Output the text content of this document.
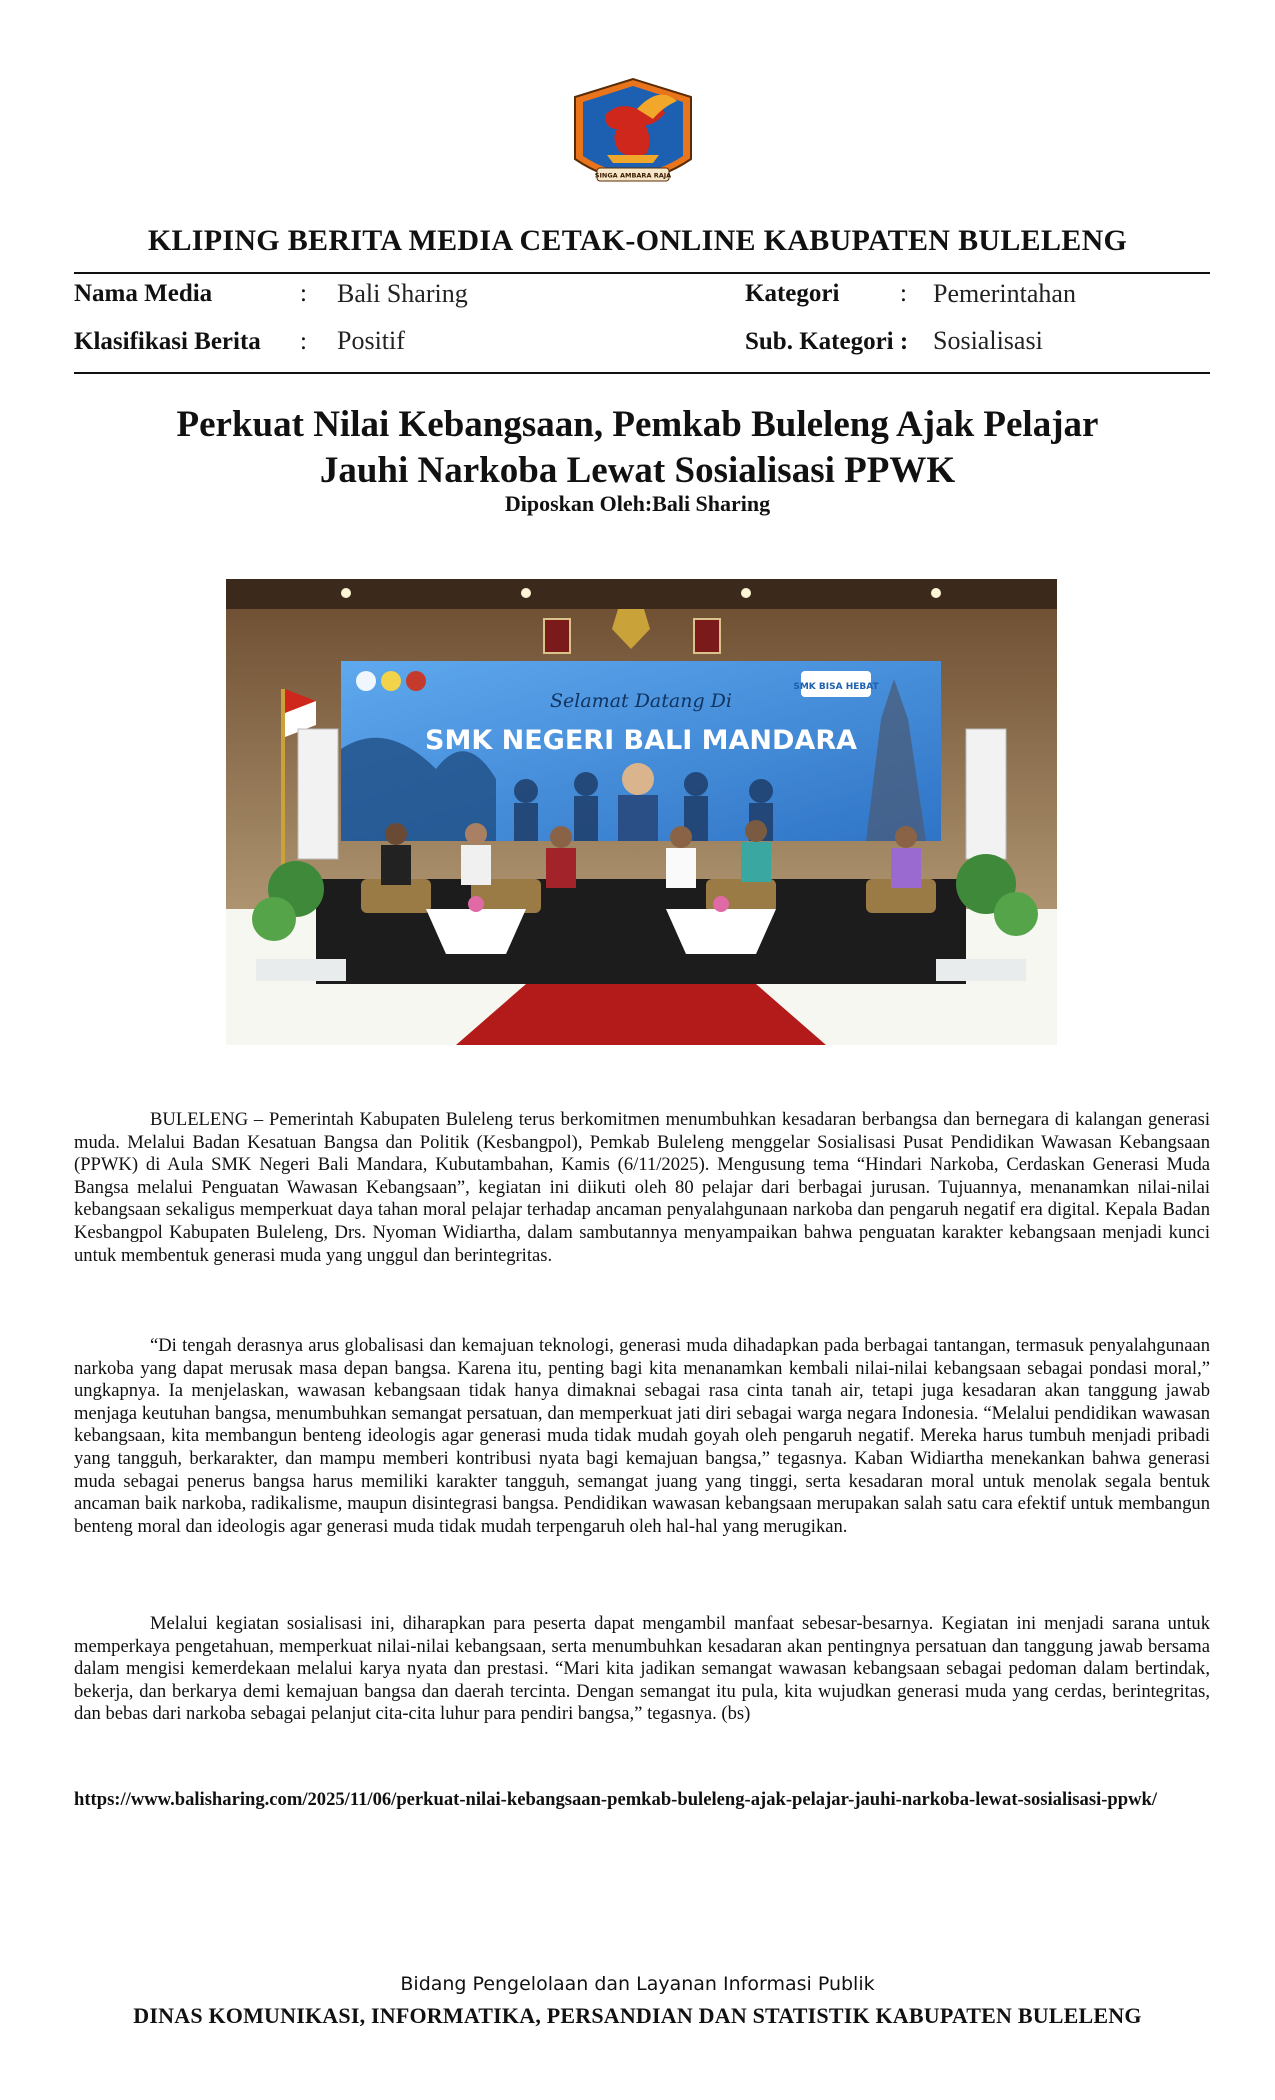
SINGA AMBARA RAJA
KLIPING BERITA MEDIA CETAK-ONLINE KABUPATEN BULELENG
Nama Media	: Bali Sharing
Klasifikasi Berita : Positif
Kategori : Pemerintahan
Sub. Kategori : Sosialisasi
Perkuat Nilai Kebangsaan, Pemkab Buleleng Ajak Pelajar
Jauhi Narkoba Lewat Sosialisasi PPWK
Diposkan Oleh:Bali Sharing
SMK BISA HEBAT
Selamat Datang Di
SMK NEGERI BALI MANDARA

BULELENG – Pemerintah Kabupaten Buleleng terus berkomitmen menumbuhkan kesadaran berbangsa dan bernegara di kalangan generasi muda. Melalui Badan Kesatuan Bangsa dan Politik (Kesbangpol), Pemkab Buleleng menggelar Sosialisasi Pusat Pendidikan Wawasan Kebangsaan (PPWK) di Aula SMK Negeri Bali Mandara, Kubutambahan, Kamis (6/11/2025). Mengusung tema “Hindari Narkoba, Cerdaskan Generasi Muda Bangsa melalui Penguatan Wawasan Kebangsaan”, kegiatan ini diikuti oleh 80 pelajar dari berbagai jurusan. Tujuannya, menanamkan nilai-nilai kebangsaan sekaligus memperkuat daya tahan moral pelajar terhadap ancaman penyalahgunaan narkoba dan pengaruh negatif era digital. Kepala Badan Kesbangpol Kabupaten Buleleng, Drs. Nyoman Widiartha, dalam sambutannya menyampaikan bahwa penguatan karakter kebangsaan menjadi kunci untuk membentuk generasi muda yang unggul dan berintegritas.

“Di tengah derasnya arus globalisasi dan kemajuan teknologi, generasi muda dihadapkan pada berbagai tantangan, termasuk penyalahgunaan narkoba yang dapat merusak masa depan bangsa. Karena itu, penting bagi kita menanamkan kembali nilai-nilai kebangsaan sebagai pondasi moral,” ungkapnya. Ia menjelaskan, wawasan kebangsaan tidak hanya dimaknai sebagai rasa cinta tanah air, tetapi juga kesadaran akan tanggung jawab menjaga keutuhan bangsa, menumbuhkan semangat persatuan, dan memperkuat jati diri sebagai warga negara Indonesia. “Melalui pendidikan wawasan kebangsaan, kita membangun benteng ideologis agar generasi muda tidak mudah goyah oleh pengaruh negatif. Mereka harus tumbuh menjadi pribadi yang tangguh, berkarakter, dan mampu memberi kontribusi nyata bagi kemajuan bangsa,” tegasnya. Kaban Widiartha menekankan bahwa generasi muda sebagai penerus bangsa harus memiliki karakter tangguh, semangat juang yang tinggi, serta kesadaran moral untuk menolak segala bentuk ancaman baik narkoba, radikalisme, maupun disintegrasi bangsa. Pendidikan wawasan kebangsaan merupakan salah satu cara efektif untuk membangun benteng moral dan ideologis agar generasi muda tidak mudah terpengaruh oleh hal-hal yang merugikan.

Melalui kegiatan sosialisasi ini, diharapkan para peserta dapat mengambil manfaat sebesar-besarnya. Kegiatan ini menjadi sarana untuk memperkaya pengetahuan, memperkuat nilai-nilai kebangsaan, serta menumbuhkan kesadaran akan pentingnya persatuan dan tanggung jawab bersama dalam mengisi kemerdekaan melalui karya nyata dan prestasi. “Mari kita jadikan semangat wawasan kebangsaan sebagai pedoman dalam bertindak, bekerja, dan berkarya demi kemajuan bangsa dan daerah tercinta. Dengan semangat itu pula, kita wujudkan generasi muda yang cerdas, berintegritas, dan bebas dari narkoba sebagai pelanjut cita-cita luhur para pendiri bangsa,” tegasnya. (bs)

https://www.balisharing.com/2025/11/06/perkuat-nilai-kebangsaan-pemkab-buleleng-ajak-pelajar-jauhi-narkoba-lewat-sosialisasi-ppwk/
Bidang Pengelolaan dan Layanan Informasi Publik
DINAS KOMUNIKASI, INFORMATIKA, PERSANDIAN DAN STATISTIK KABUPATEN BULELENG
